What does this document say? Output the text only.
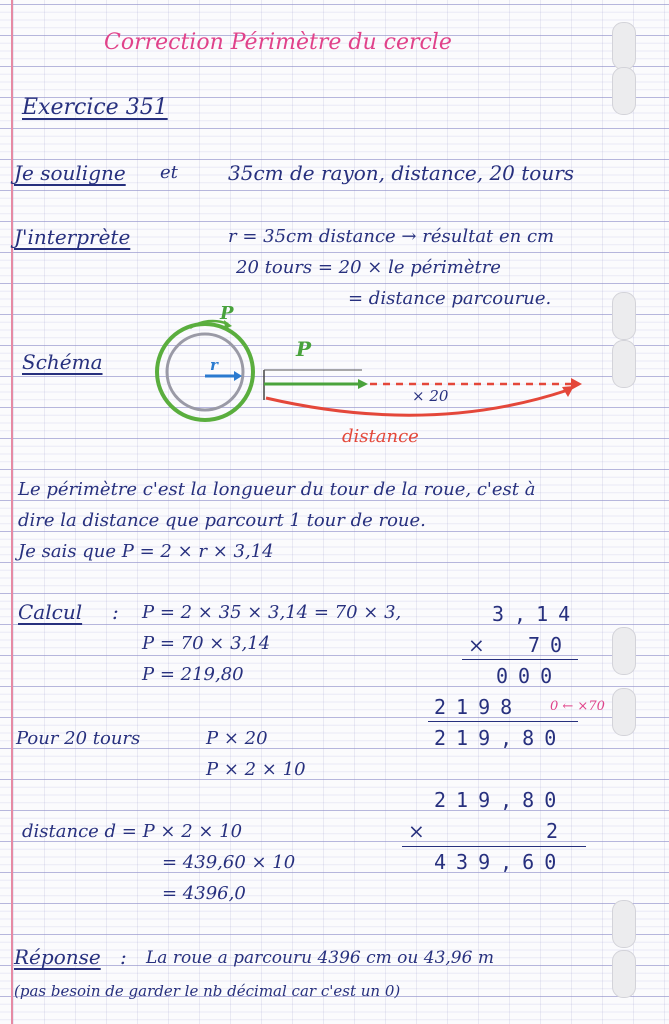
Correction Périmètre du cercle
Exercice 351
Je souligne et	35cm de rayon, distance, 20 tours
J'interprète	r = 35cm distance → résultat en cm
20 tours = 20 × le périmètre
= distance parcourue.
Schéma
P
r
P
× 20
distance
Le périmètre c'est la longueur du tour de la roue, c'est à
dire la distance que parcourt 1 tour de roue.
Je sais que P = 2 × r × 3,14
Calcul : P = 2 × 35 × 3,14 = 70 × 3,
P = 70 × 3,14
P = 219,80
3,14
× 70
000
2198 0 ← ×70
219,80
Pour 20 tours	P × 20
P × 2 × 10
distance d = P × 2 × 10
= 439,60 × 10
= 4396,0
219,80
×	2
439,60
Réponse : La roue a parcouru 4396 cm ou 43,96 m
(pas besoin de garder le nb décimal car c'est un 0)
